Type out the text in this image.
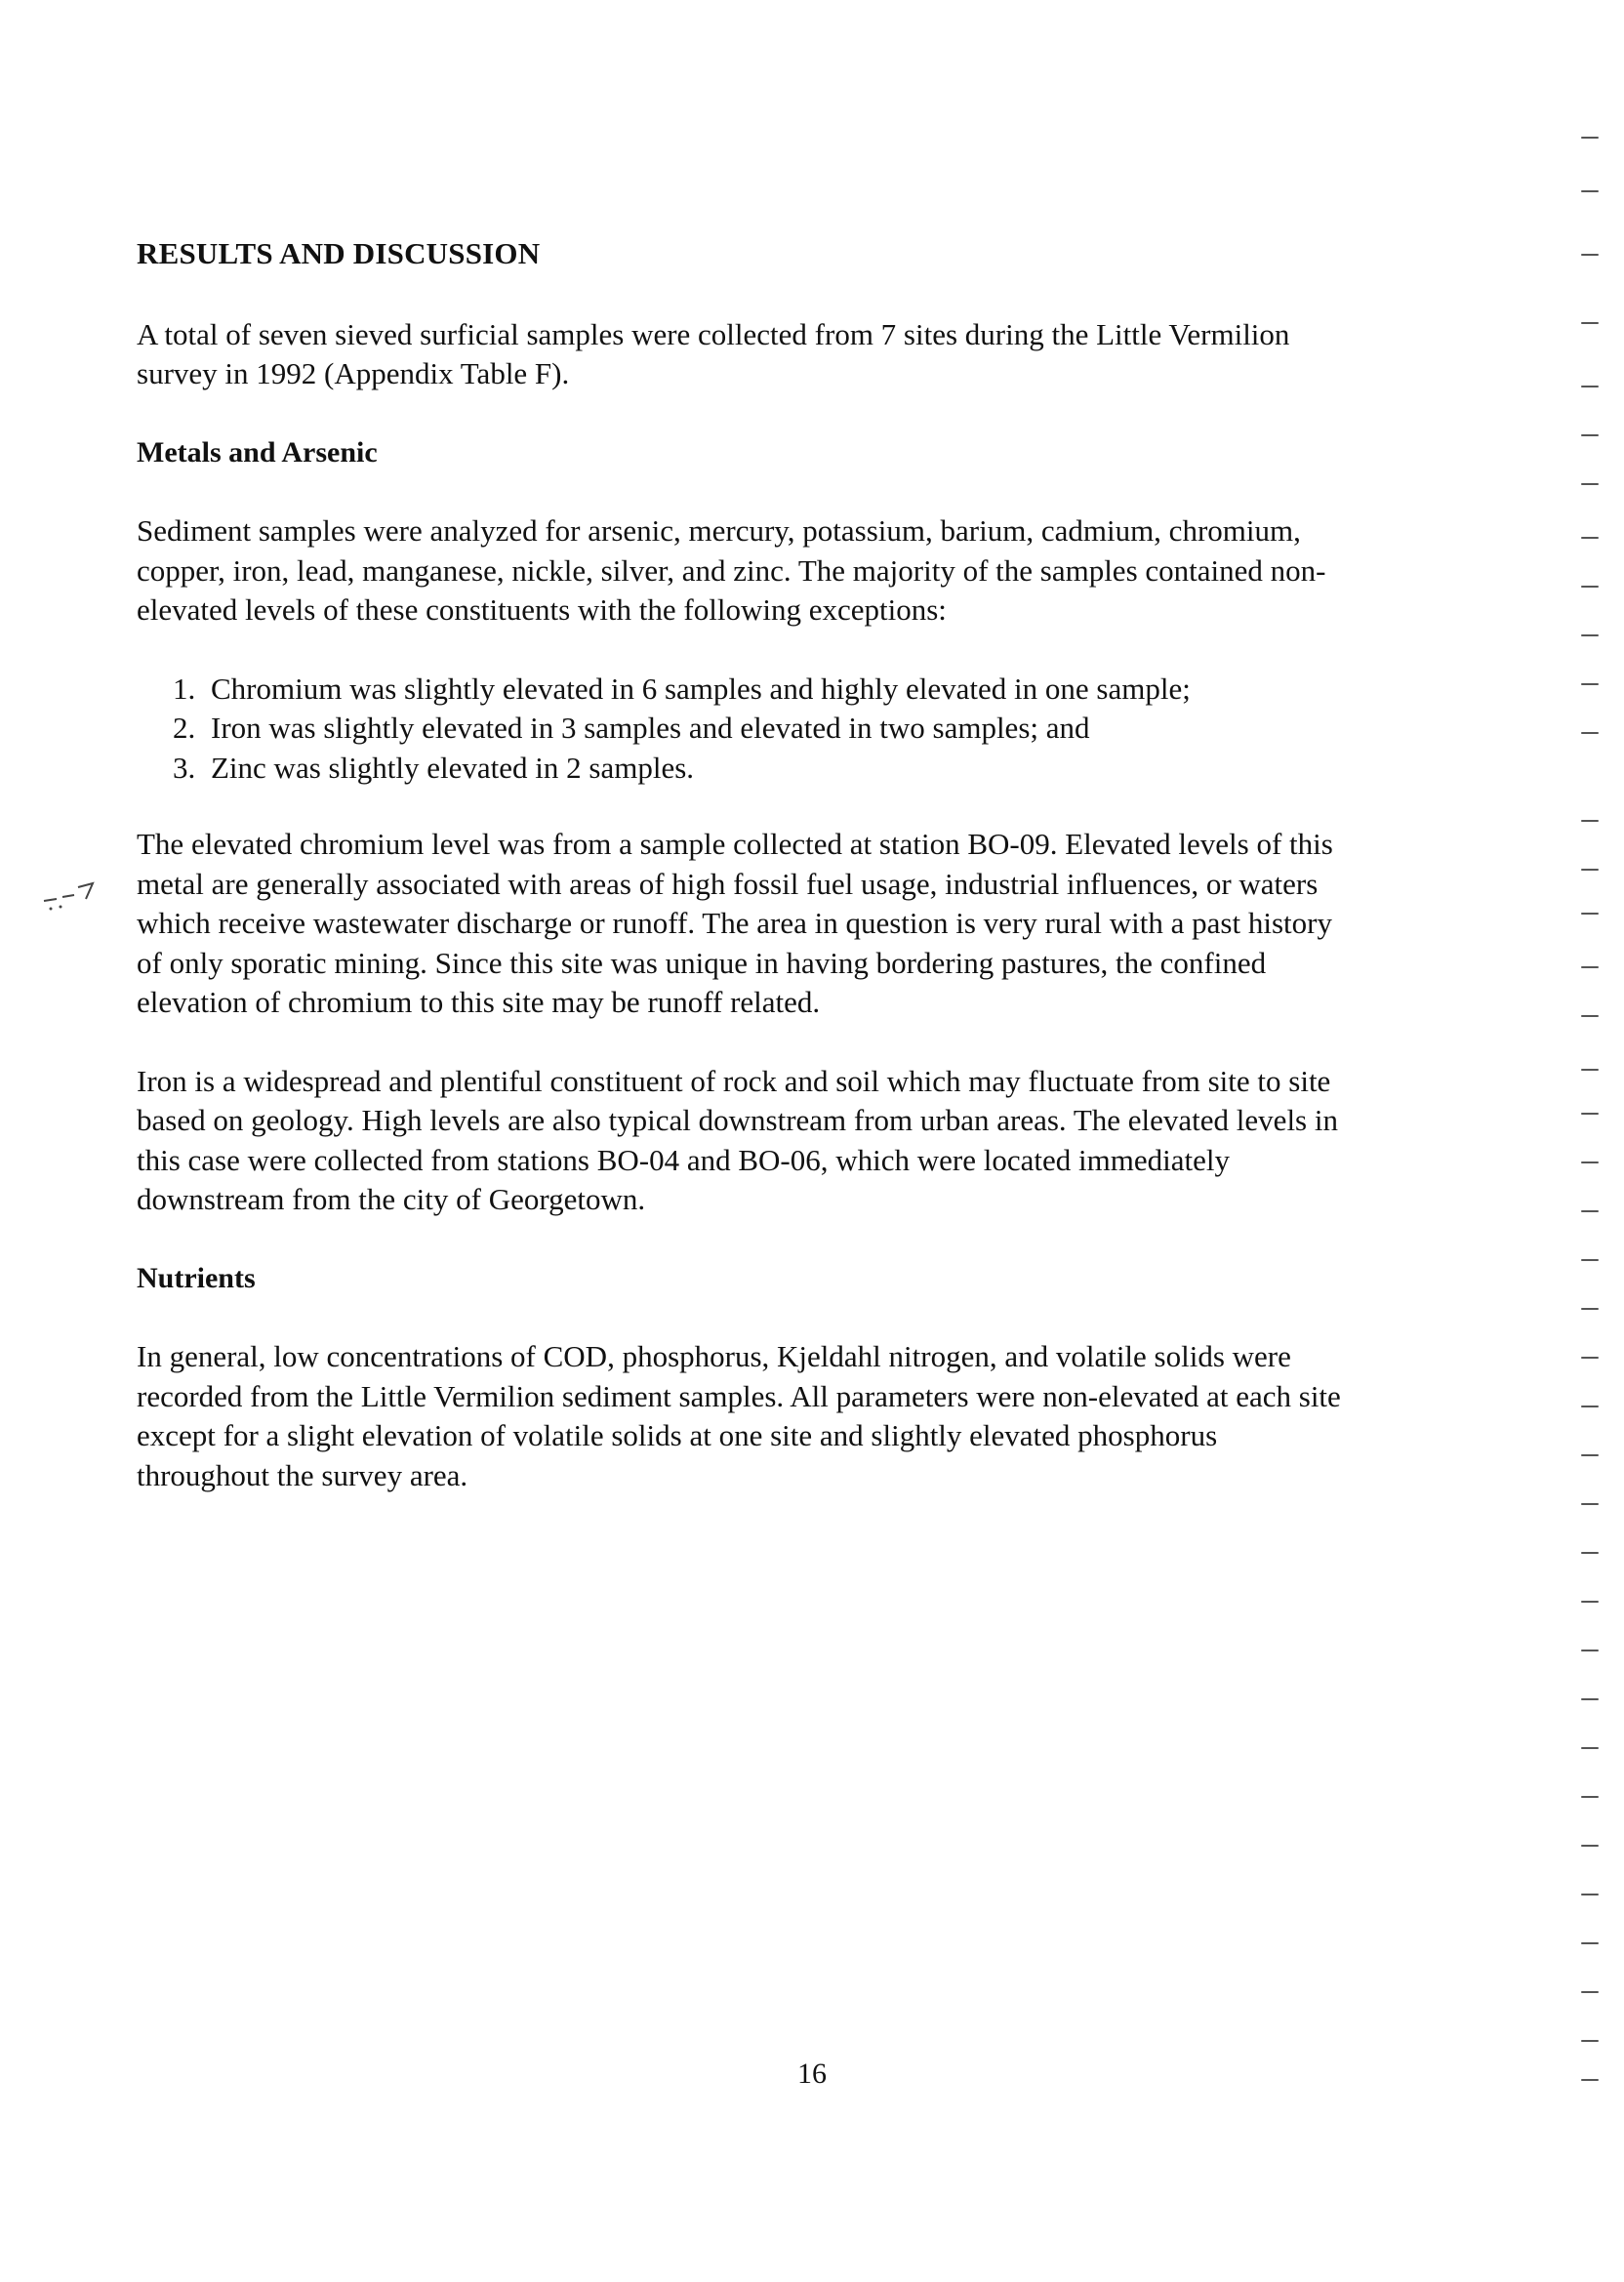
RESULTS AND DISCUSSION

A total of seven sieved surficial samples were collected from 7 sites during the Little Vermilion survey in 1992 (Appendix Table F).

Metals and Arsenic

Sediment samples were analyzed for arsenic, mercury, potassium, barium, cadmium, chromium, copper, iron, lead, manganese, nickle, silver, and zinc. The majority of the samples contained non-elevated levels of these constituents with the following exceptions:

1. Chromium was slightly elevated in 6 samples and highly elevated in one sample;
2. Iron was slightly elevated in 3 samples and elevated in two samples; and
3. Zinc was slightly elevated in 2 samples.

The elevated chromium level was from a sample collected at station BO-09. Elevated levels of this metal are generally associated with areas of high fossil fuel usage, industrial influences, or waters which receive wastewater discharge or runoff. The area in question is very rural with a past history of only sporatic mining. Since this site was unique in having bordering pastures, the confined elevation of chromium to this site may be runoff related.

Iron is a widespread and plentiful constituent of rock and soil which may fluctuate from site to site based on geology. High levels are also typical downstream from urban areas. The elevated levels in this case were collected from stations BO-04 and BO-06, which were located immediately downstream from the city of Georgetown.

Nutrients

In general, low concentrations of COD, phosphorus, Kjeldahl nitrogen, and volatile solids were recorded from the Little Vermilion sediment samples. All parameters were non-elevated at each site except for a slight elevation of volatile solids at one site and slightly elevated phosphorus throughout the survey area.

16
